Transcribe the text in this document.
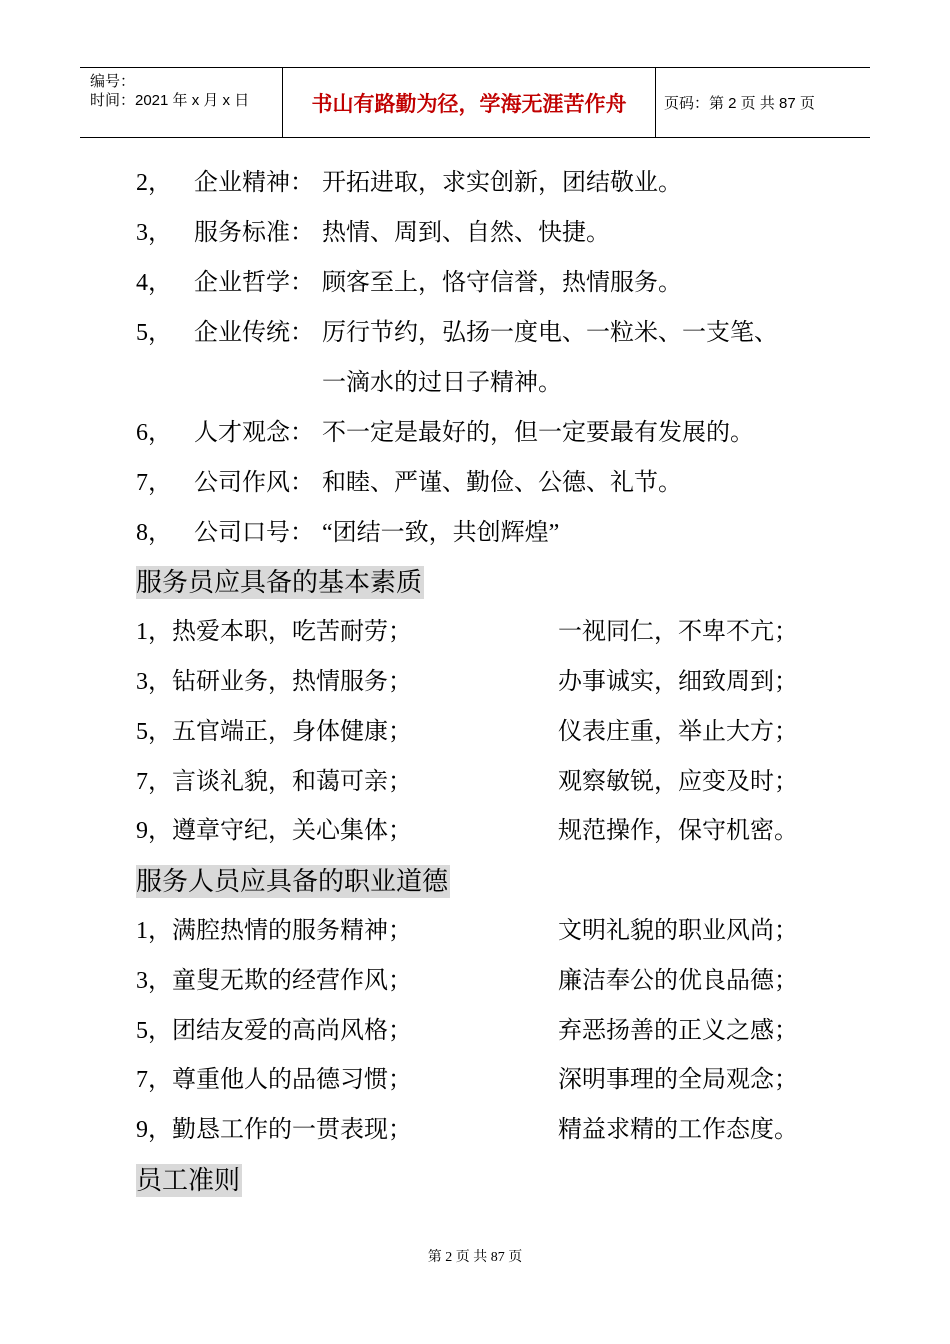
编号：
时间：2021 年 x 月 x 日	书山有路勤为径，学海无涯苦作舟	页码：第 2 页 共 87 页
2， 企业精神： 开拓进取，求实创新，团结敬业。
3， 服务标准： 热情、周到、自然、快捷。
4， 企业哲学： 顾客至上，恪守信誉，热情服务。
5， 企业传统： 厉行节约，弘扬一度电、一粒米、一支笔、
一滴水的过日子精神。
6， 人才观念： 不一定是最好的，但一定要最有发展的。
7， 公司作风： 和睦、严谨、勤俭、公德、礼节。
8， 公司口号： “团结一致，共创辉煌”
服务员应具备的基本素质
1，热爱本职，吃苦耐劳；	一视同仁，不卑不亢；
3，钻研业务，热情服务；	办事诚实，细致周到；
5，五官端正，身体健康；	仪表庄重，举止大方；
7，言谈礼貌，和蔼可亲；	观察敏锐，应变及时；
9，遵章守纪，关心集体；	规范操作，保守机密。
服务人员应具备的职业道德
1，满腔热情的服务精神；	文明礼貌的职业风尚；
3，童叟无欺的经营作风；	廉洁奉公的优良品德；
5，团结友爱的高尚风格；	弃恶扬善的正义之感；
7，尊重他人的品德习惯；	深明事理的全局观念；
9，勤恳工作的一贯表现；	精益求精的工作态度。
员工准则
第 2 页 共 87 页
